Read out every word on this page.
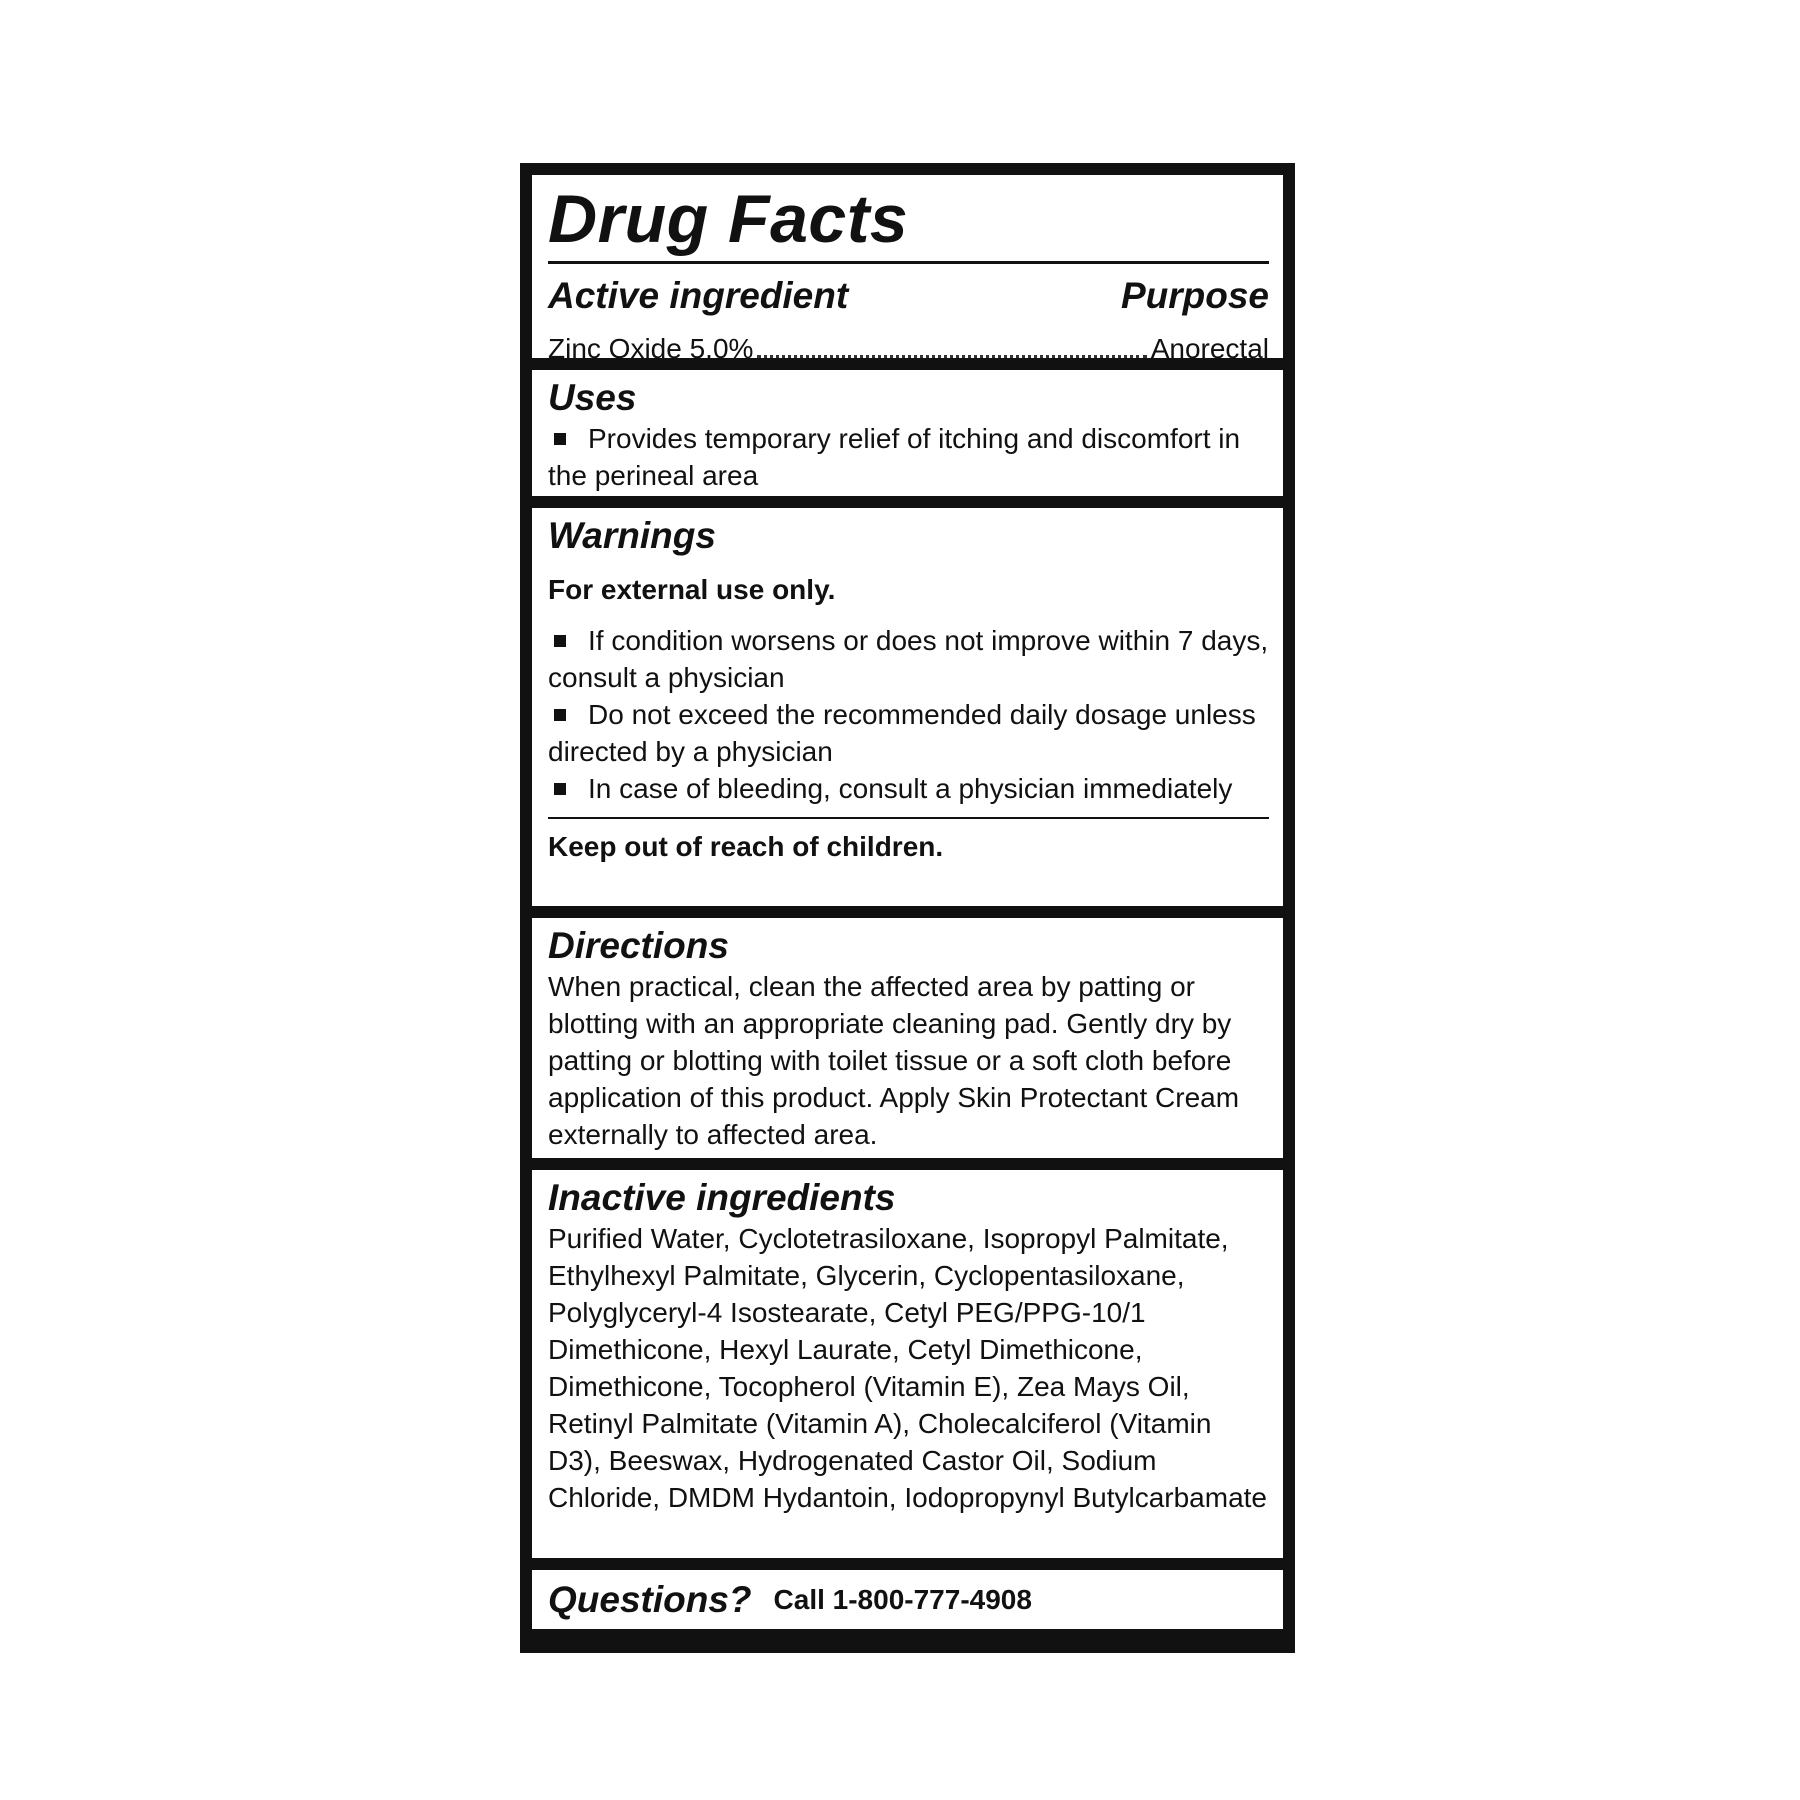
Drug Facts
Active ingredient	Purpose
Zinc Oxide 5.0%	Anorectal
Uses

Provides temporary relief of itching and discomfort in the perineal area

Warnings

For external use only.

If condition worsens or does not improve within 7 days, consult a physician

Do not exceed the recommended daily dosage unless directed by a physician

In case of bleeding, consult a physician immediately

Keep out of reach of children.

Directions

When practical, clean the affected area by patting or blotting with an appropriate cleaning pad. Gently dry by patting or blotting with toilet tissue or a soft cloth before application of this product. Apply Skin Protectant Cream externally to affected area.

Inactive ingredients

Purified Water, Cyclotetrasiloxane, Isopropyl Palmitate, Ethylhexyl Palmitate, Glycerin, Cyclopentasiloxane, Polyglyceryl-4 Isostearate, Cetyl PEG/PPG-10/1 Dimethicone, Hexyl Laurate, Cetyl Dimethicone, Dimethicone, Tocopherol (Vitamin E), Zea Mays Oil, Retinyl Palmitate (Vitamin A), Cholecalciferol (Vitamin D3), Beeswax, Hydrogenated Castor Oil, Sodium Chloride, DMDM Hydantoin, Iodopropynyl Butylcarbamate

Questions? Call 1-800-777-4908
